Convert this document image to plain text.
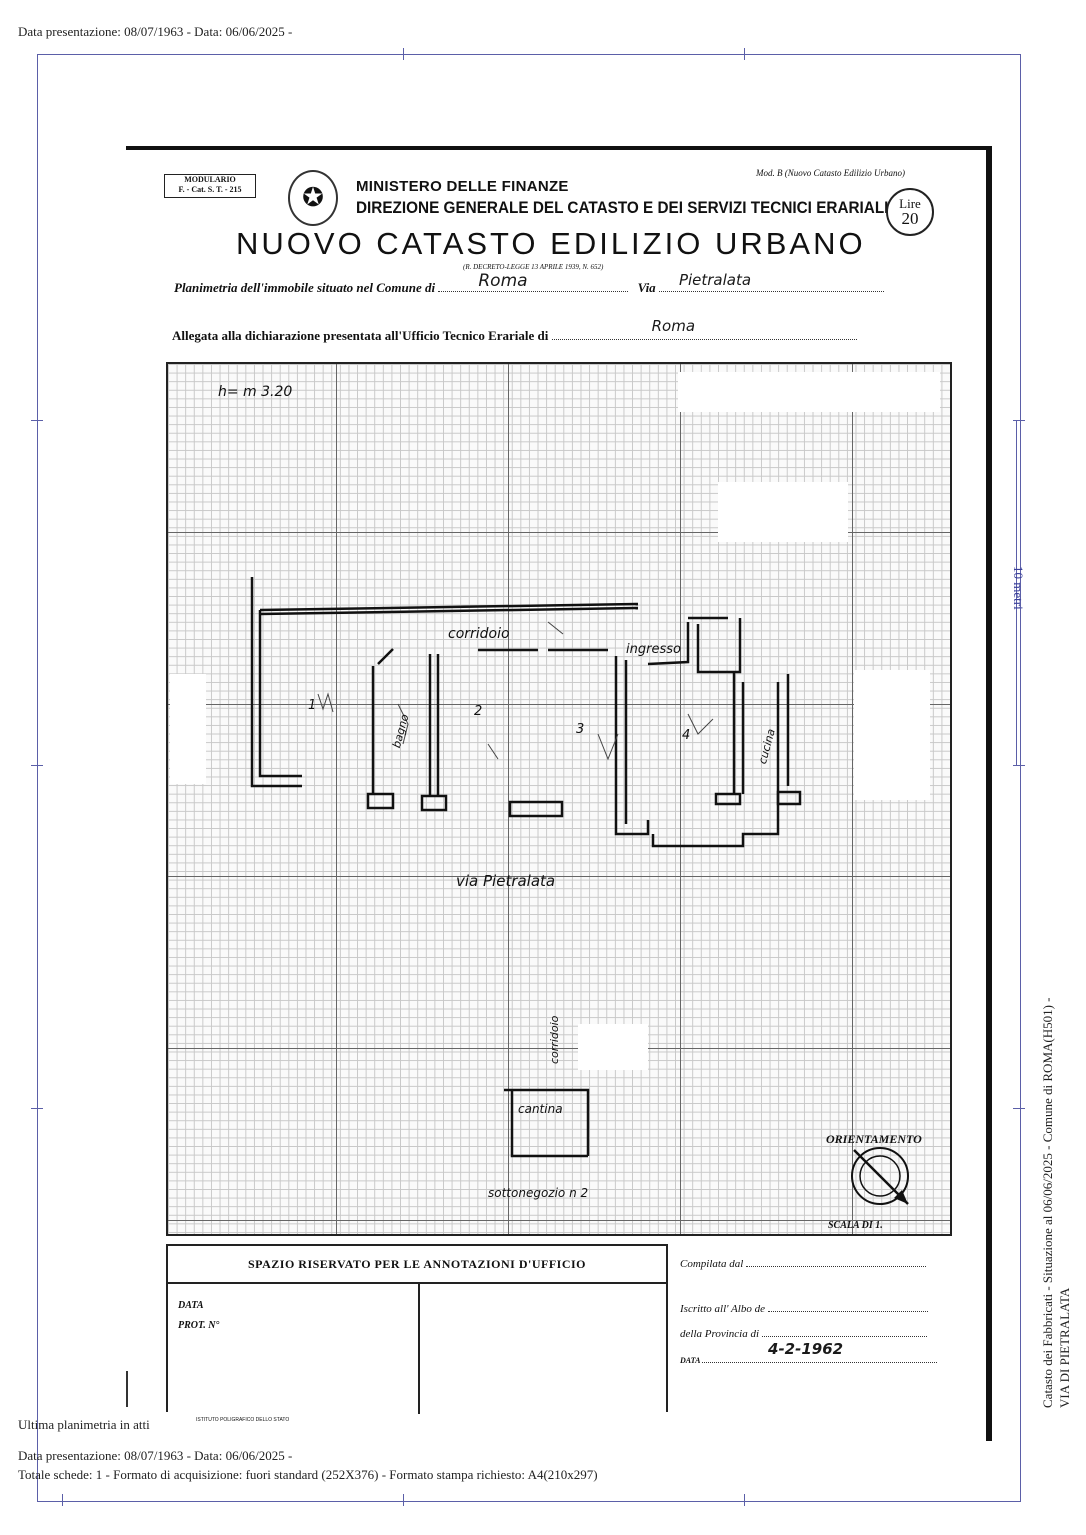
Data presentazione: 08/07/1963 - Data: 06/06/2025 -
10 metri
MODULARIO
F. - Cat. S. T. - 215	✪	MINISTERO DELLE FINANZE
DIREZIONE GENERALE DEL CATASTO E DEI SERVIZI TECNICI ERARIALI
Mod. B (Nuovo Catasto Edilizio Urbano)
Lire
20
NUOVO CATASTO EDILIZIO URBANO
(R. DECRETO-LEGGE 13 APRILE 1939, N. 652)
Planimetria dell'immobile situato nel Comune di	Roma	Via Pietralata
Allegata alla dichiarazione presentata all'Ufficio Tecnico Erariale di
Roma
h= m 3.20
corridoio
ingresso
1	2
3	4
bagno	cucina
via Pietralata
corridoio
cantina
sottonegozio n 2
ORIENTAMENTO
SCALA DI 1.
SPAZIO RISERVATO PER LE ANNOTAZIONI D'UFFICIO
DATA
PROT. N°
Compilata dal
Iscritto all' Albo de
della Provincia di
DATA
4-2-1962
ISTITUTO POLIGRAFICO DELLO STATO
Catasto dei Fabbricati - Situazione al 06/06/2025 - Comune di ROMA(H501) - VIA DI PIETRALATA
Ultima planimetria in atti
Data presentazione: 08/07/1963 - Data: 06/06/2025 -
Totale schede: 1 - Formato di acquisizione: fuori standard (252X376) - Formato stampa richiesto: A4(210x297)
